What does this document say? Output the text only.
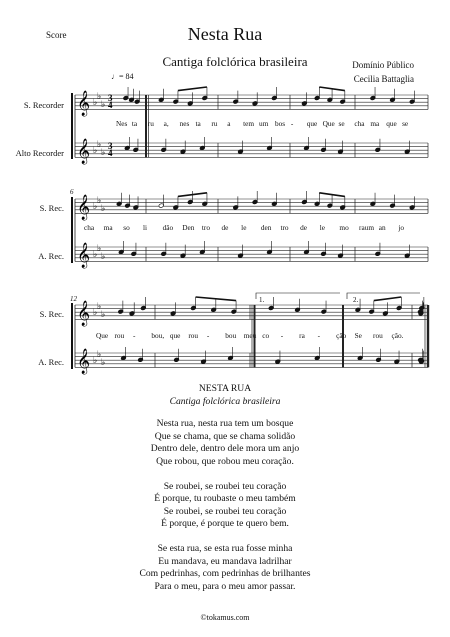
Score	Nesta Rua
Cantiga folclórica brasileira	Domínio Público
Cecilia Battaglia
♩= 84
S. Recorder
Alto Recorder
S. Rec.
A. Rec.
S. Rec.
A. Rec.
6
12	1.	2.
𝄞
𝄞
♭
♭
♭
♭
♭
♭
3
3
4
4
𝄞
𝄞
♭
♭
♭
♭
♭
♭
𝄞
𝄞
♭
♭
♭
♭
♭
♭
Nes ta ru a, nes ta ru a tem um bos - que Que se cha ma que se
cha ma so li dão Den tro de le den tro de le mo raum an jo
Que rou - bou, que rou - bou meu co - ra - ção Se rou ção.
NESTA RUA
Cantiga folclórica brasileira
Nesta rua, nesta rua tem um bosque
Que se chama, que se chama solidão
Dentro dele, dentro dele mora um anjo
Que robou, que robou meu coração.
Se roubei, se roubei teu coração
É porque, tu roubaste o meu também
Se roubei, se roubei teu coração
É porque, é porque te quero bem.
Se esta rua, se esta rua fosse minha
Eu mandava, eu mandava ladrilhar
Com pedrinhas, com pedrinhas de brilhantes
Para o meu, para o meu amor passar.
©tokamus.com
